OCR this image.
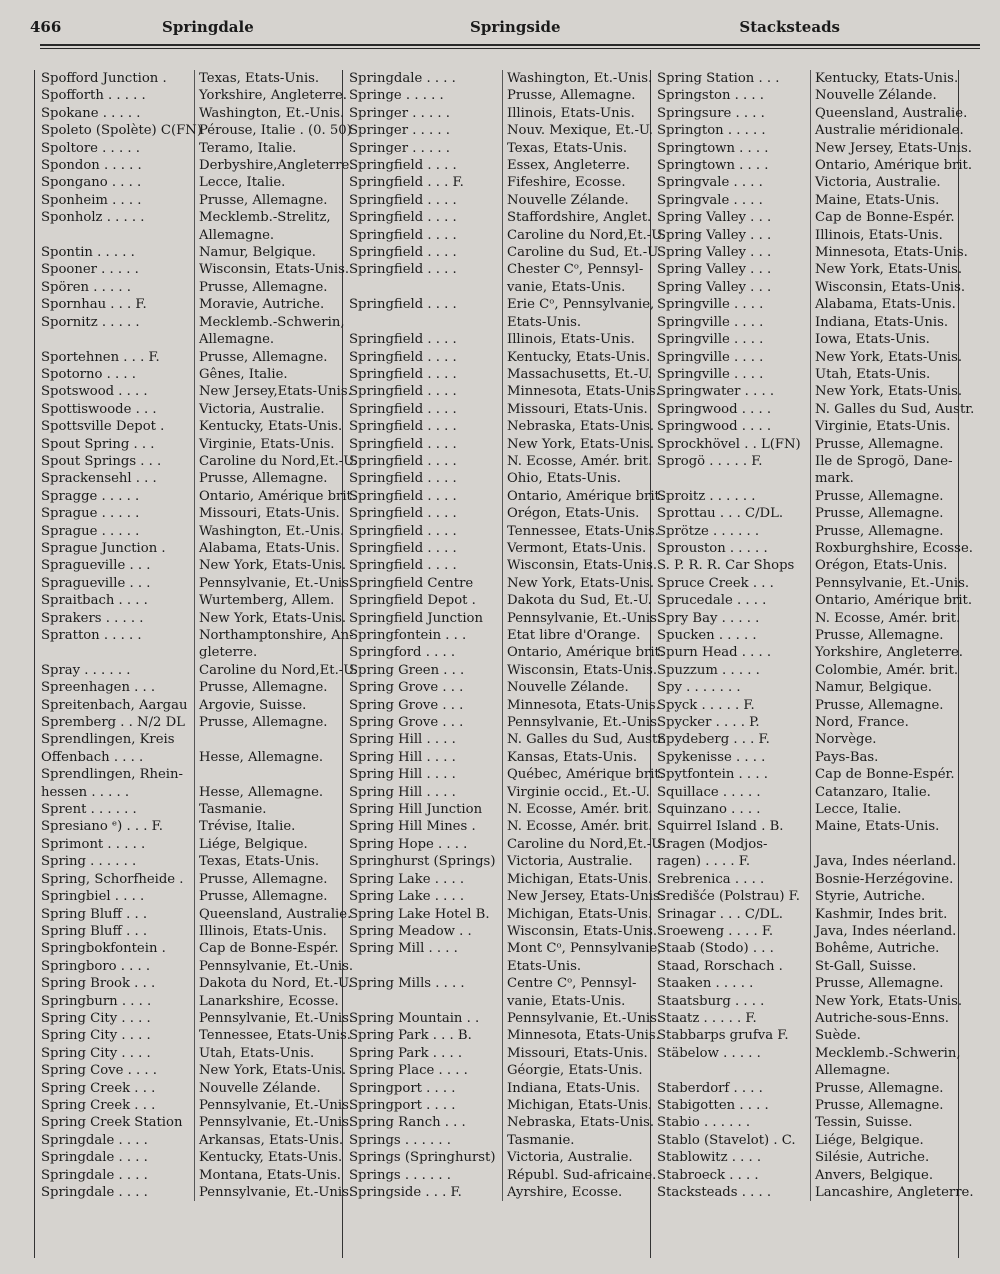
466	Springdale	Springside	Stacksteads
Spofford Junction .	Texas, Etats-Unis.
Spofforth . . . . .	Yorkshire, Angleterre.
Spokane . . . . .	Washington, Et.-Unis.
Spoleto (Spolète) C(FN)
Pérouse, Italie . (0. 50)
Spoltore . . . . .	Teramo, Italie.
Spondon . . . . .	Derbyshire,Angleterre.
Spongano . . . .	Lecce, Italie.
Sponheim . . . .	Prusse, Allemagne.
Sponholz . . . . .	Mecklemb.-Strelitz,
Allemagne.
Spontin . . . . .	Namur, Belgique.
Spooner . . . . .	Wisconsin, Etats-Unis.
Spören . . . . .	Prusse, Allemagne.
Spornhau . . . F.	Moravie, Autriche.
Spornitz . . . . .	Mecklemb.-Schwerin,
Allemagne.
Sportehnen . . . F.	Prusse, Allemagne.
Spotorno . . . .	Gênes, Italie.
Spotswood . . . .	New Jersey,Etats-Unis.
Spottiswoode . . .	Victoria, Australie.
Spottsville Depot .	Kentucky, Etats-Unis.
Spout Spring . . .	Virginie, Etats-Unis.
Spout Springs . . .	Caroline du Nord,Et.-U.
Sprackensehl . . .	Prusse, Allemagne.
Spragge . . . . .	Ontario, Amérique brit.
Sprague . . . . .	Missouri, Etats-Unis.
Sprague . . . . .	Washington, Et.-Unis.
Sprague Junction .	Alabama, Etats-Unis.
Spragueville . . .	New York, Etats-Unis.
Spragueville . . .	Pennsylvanie, Et.-Unis.
Spraitbach . . . .	Wurtemberg, Allem.
Sprakers . . . . .	New York, Etats-Unis.
Spratton . . . . .	Northamptonshire, An-
gleterre.
Spray . . . . . .	Caroline du Nord,Et.-U.
Spreenhagen . . .	Prusse, Allemagne.
Spreitenbach, Aargau Argovie, Suisse.
Spremberg . . N/2 DL	Prusse, Allemagne.
Sprendlingen, Kreis
Offenbach . . . .	Hesse, Allemagne.
Sprendlingen, Rhein-
hessen . . . . .	Hesse, Allemagne.
Sprent . . . . . .	Tasmanie.
Spresiano ᵉ) . . . F.	Trévise, Italie.
Sprimont . . . . .	Liége, Belgique.
Spring . . . . . .	Texas, Etats-Unis.
Spring, Schorfheide .	Prusse, Allemagne.
Springbiel . . . .	Prusse, Allemagne.
Spring Bluff . . .	Queensland, Australie.
Spring Bluff . . .	Illinois, Etats-Unis.
Springbokfontein .	Cap de Bonne-Espér.
Springboro . . . .	Pennsylvanie, Et.-Unis.
Spring Brook . . .	Dakota du Nord, Et.-U.
Springburn . . . .	Lanarkshire, Ecosse.
Spring City . . . .	Pennsylvanie, Et.-Unis.
Spring City . . . .	Tennessee, Etats-Unis.
Spring City . . . .	Utah, Etats-Unis.
Spring Cove . . . .	New York, Etats-Unis.
Spring Creek . . .	Nouvelle Zélande.
Spring Creek . . .	Pennsylvanie, Et.-Unis.
Spring Creek Station	Pennsylvanie, Et.-Unis.
Springdale . . . .	Arkansas, Etats-Unis.
Springdale . . . .	Kentucky, Etats-Unis.
Springdale . . . .	Montana, Etats-Unis.
Springdale . . . .	Pennsylvanie, Et.-Unis.
Springdale . . . .	Washington, Et.-Unis.
Springe . . . . .	Prusse, Allemagne.
Springer . . . . .	Illinois, Etats-Unis.
Springer . . . . .	Nouv. Mexique, Et.-U.
Springer . . . . .	Texas, Etats-Unis.
Springfield . . . .	Essex, Angleterre.
Springfield . . . F.	Fifeshire, Ecosse.
Springfield . . . .	Nouvelle Zélande.
Springfield . . . .	Staffordshire, Anglet.
Springfield . . . .	Caroline du Nord,Et.-U.
Springfield . . . .	Caroline du Sud, Et.-U.
Springfield . . . .	Chester Cᵒ, Pennsyl-
vanie, Etats-Unis.
Springfield . . . .	Erie Cᵒ, Pennsylvanie,
Etats-Unis.
Springfield . . . .	Illinois, Etats-Unis.
Springfield . . . .	Kentucky, Etats-Unis.
Springfield . . . .	Massachusetts, Et.-U.
Springfield . . . .	Minnesota, Etats-Unis.
Springfield . . . .	Missouri, Etats-Unis.
Springfield . . . .	Nebraska, Etats-Unis.
Springfield . . . .	New York, Etats-Unis.
Springfield . . . .	N. Ecosse, Amér. brit.
Springfield . . . .	Ohio, Etats-Unis.
Springfield . . . .	Ontario, Amérique brit.
Springfield . . . .	Orégon, Etats-Unis.
Springfield . . . .	Tennessee, Etats-Unis.
Springfield . . . .	Vermont, Etats-Unis.
Springfield . . . .	Wisconsin, Etats-Unis.
Springfield Centre	New York, Etats-Unis.
Springfield Depot .	Dakota du Sud, Et.-U.
Springfield Junction	Pennsylvanie, Et.-Unis.
Springfontein . . .	Etat libre d'Orange.
Springford . . . .	Ontario, Amérique brit.
Spring Green . . .	Wisconsin, Etats-Unis.
Spring Grove . . .	Nouvelle Zélande.
Spring Grove . . .	Minnesota, Etats-Unis.
Spring Grove . . .	Pennsylvanie, Et.-Unis.
Spring Hill . . . .	N. Galles du Sud, Austr.
Spring Hill . . . .	Kansas, Etats-Unis.
Spring Hill . . . .	Québec, Amérique brit.
Spring Hill . . . .	Virginie occid., Et.-U.
Spring Hill Junction	N. Ecosse, Amér. brit.
Spring Hill Mines .	N. Ecosse, Amér. brit.
Spring Hope . . . .	Caroline du Nord,Et.-U.
Springhurst (Springs) Victoria, Australie.
Spring Lake . . . .	Michigan, Etats-Unis.
Spring Lake . . . .	New Jersey, Etats-Unis.
Spring Lake Hotel B.	Michigan, Etats-Unis.
Spring Meadow . .	Wisconsin, Etats-Unis.
Spring Mill . . . .	Mont Cᵒ, Pennsylvanie,
Etats-Unis.
Spring Mills . . . .	Centre Cᵒ, Pennsyl-
vanie, Etats-Unis.
Spring Mountain . .	Pennsylvanie, Et.-Unis.
Spring Park . . . B.	Minnesota, Etats-Unis.
Spring Park . . . .	Missouri, Etats-Unis.
Spring Place . . . .	Géorgie, Etats-Unis.
Springport . . . .	Indiana, Etats-Unis.
Springport . . . .	Michigan, Etats-Unis.
Spring Ranch . . .	Nebraska, Etats-Unis.
Springs . . . . . .	Tasmanie.
Springs (Springhurst) Victoria, Australie.
Springs . . . . . .	Républ. Sud-africaine.
Springside . . . F.	Ayrshire, Ecosse.
Spring Station . . .	Kentucky, Etats-Unis.
Springston . . . .	Nouvelle Zélande.
Springsure . . . .	Queensland, Australie.
Springton . . . . .	Australie méridionale.
Springtown . . . .	New Jersey, Etats-Unis.
Springtown . . . .	Ontario, Amérique brit.
Springvale . . . .	Victoria, Australie.
Springvale . . . .	Maine, Etats-Unis.
Spring Valley . . .	Cap de Bonne-Espér.
Spring Valley . . .	Illinois, Etats-Unis.
Spring Valley . . .	Minnesota, Etats-Unis.
Spring Valley . . .	New York, Etats-Unis.
Spring Valley . . .	Wisconsin, Etats-Unis.
Springville . . . .	Alabama, Etats-Unis.
Springville . . . .	Indiana, Etats-Unis.
Springville . . . .	Iowa, Etats-Unis.
Springville . . . .	New York, Etats-Unis.
Springville . . . .	Utah, Etats-Unis.
Springwater . . . .	New York, Etats-Unis.
Springwood . . . .	N. Galles du Sud, Austr.
Springwood . . . .	Virginie, Etats-Unis.
Sprockhövel . . L(FN)	Prusse, Allemagne.
Sprogö . . . . . F.	Ile de Sprogö, Dane-
mark.
Sproitz . . . . . .	Prusse, Allemagne.
Sprottau . . . C/DL.	Prusse, Allemagne.
Sprötze . . . . . .	Prusse, Allemagne.
Sprouston . . . . .	Roxburghshire, Ecosse.
S. P. R. R. Car Shops	Orégon, Etats-Unis.
Spruce Creek . . .	Pennsylvanie, Et.-Unis.
Sprucedale . . . .	Ontario, Amérique brit.
Spry Bay . . . . .	N. Ecosse, Amér. brit.
Spucken . . . . .	Prusse, Allemagne.
Spurn Head . . . .	Yorkshire, Angleterre.
Spuzzum . . . . .	Colombie, Amér. brit.
Spy . . . . . . .	Namur, Belgique.
Spyck . . . . . F.	Prusse, Allemagne.
Spycker . . . . P.	Nord, France.
Spydeberg . . . F.	Norvège.
Spykenisse . . . .	Pays-Bas.
Spytfontein . . . .	Cap de Bonne-Espér.
Squillace . . . . .	Catanzaro, Italie.
Squinzano . . . .	Lecce, Italie.
Squirrel Island . B.	Maine, Etats-Unis.
Sragen (Modjos-
ragen) . . . . F.	Java, Indes néerland.
Srebrenica . . . .	Bosnie-Herzégovine.
Središće (Polstrau) F.	Styrie, Autriche.
Srinagar . . . C/DL.	Kashmir, Indes brit.
Sroeweng . . . . F.	Java, Indes néerland.
Staab (Stodo) . . .	Bohême, Autriche.
Staad, Rorschach .	St-Gall, Suisse.
Staaken . . . . .	Prusse, Allemagne.
Staatsburg . . . .	New York, Etats-Unis.
Staatz . . . . . F.	Autriche-sous-Enns.
Stabbarps grufva F.	Suède.
Stäbelow . . . . .	Mecklemb.-Schwerin,
Allemagne.
Staberdorf . . . .	Prusse, Allemagne.
Stabigotten . . . .	Prusse, Allemagne.
Stabio . . . . . .	Tessin, Suisse.
Stablo (Stavelot) . C.	Liége, Belgique.
Stablowitz . . . .	Silésie, Autriche.
Stabroeck . . . .	Anvers, Belgique.
Stacksteads . . . .	Lancashire, Angleterre.
